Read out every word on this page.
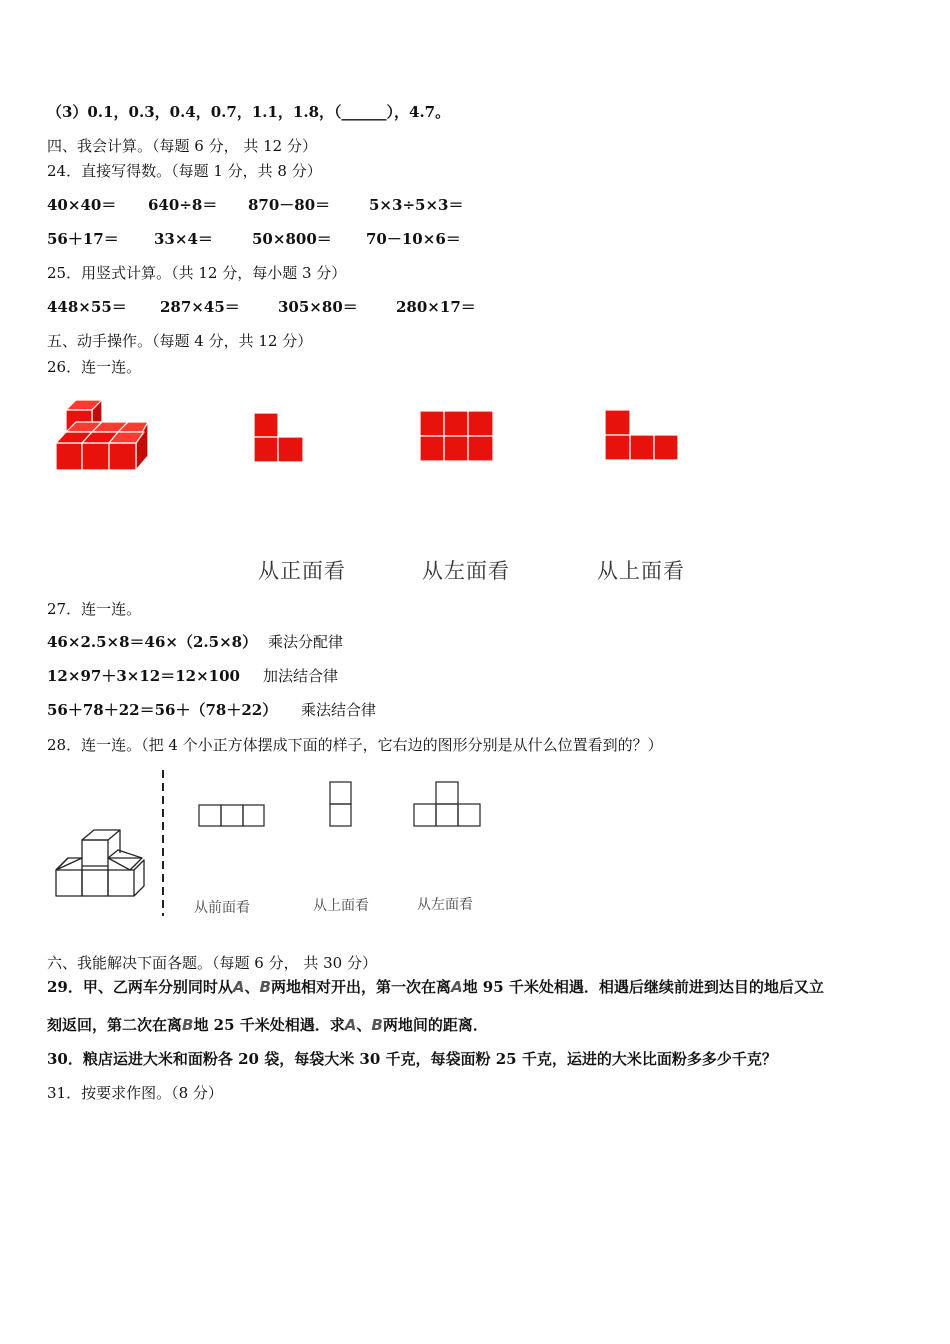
（3）0.1，0.3，0.4，0.7，1.1，1.8，（______），4.7。
四、我会计算。（每题 6 分， 共 12 分）
24．直接写得数。（每题 1 分，共 8 分）
40×40＝ 640÷8＝ 870－80＝	5×3÷5×3＝
56＋17＝ 33×4＝	50×800＝ 70－10×6＝
25．用竖式计算。（共 12 分，每小题 3 分）
448×55＝ 287×45＝	305×80＝	280×17＝
五、动手操作。（每题 4 分，共 12 分）
26．连一连。
从正面看	从左面看	从上面看
27．连一连。
46×2.5×8＝46×（2.5×8） 乘法分配律
12×97＋3×12＝12×100 加法结合律
56＋78＋22＝56＋（78＋22） 乘法结合律
28．连一连。（把 4 个小正方体摆成下面的样子，它右边的图形分别是从什么位置看到的？）
从前面看	从上面看	从左面看
六、我能解决下面各题。（每题 6 分， 共 30 分）
29．甲、乙两车分别同时从A、B两地相对开出，第一次在离A地 95 千米处相遇．相遇后继续前进到达目的地后又立
刻返回，第二次在离B地 25 千米处相遇．求A、B两地间的距离．
30．粮店运进大米和面粉各 20 袋，每袋大米 30 千克，每袋面粉 25 千克，运进的大米比面粉多多少千克？
31．按要求作图。（8 分）
